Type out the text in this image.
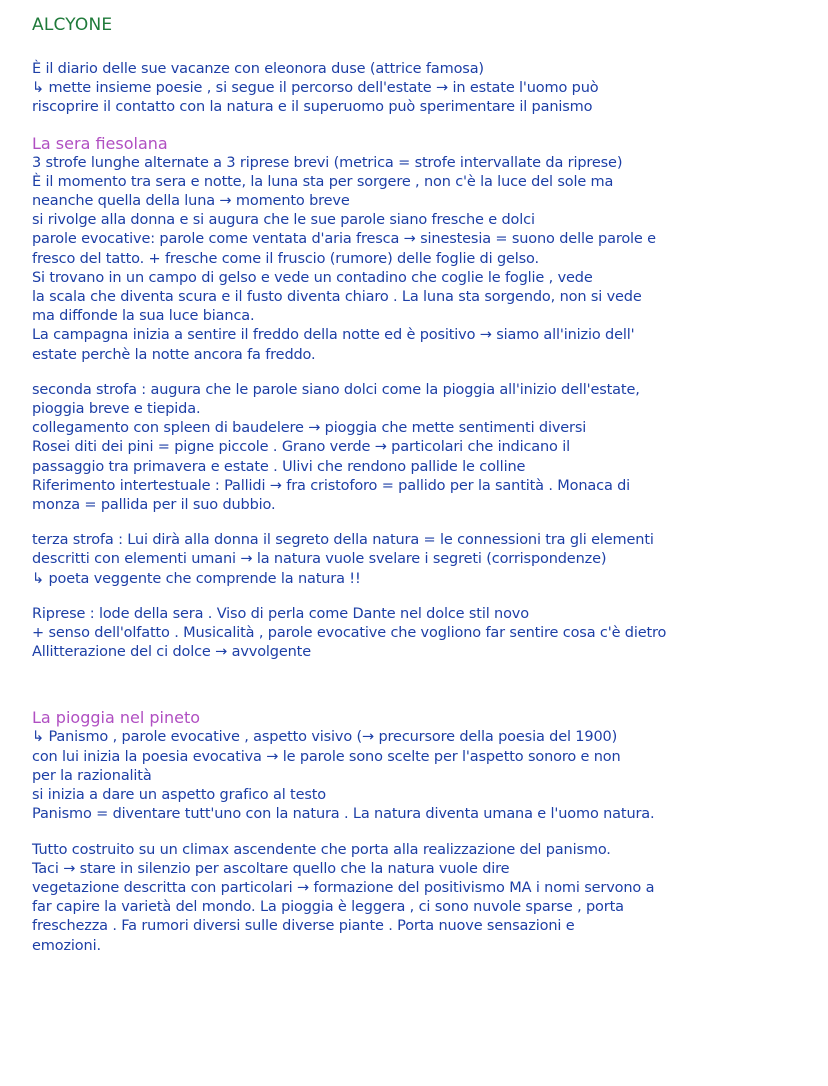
ALCYONE
È il diario delle sue vacanze con eleonora duse (attrice famosa)
↳ mette insieme poesie , si segue il percorso dell'estate → in estate l'uomo può
riscoprire il contatto con la natura e il superuomo può sperimentare il panismo
La sera fiesolana
3 strofe lunghe alternate a 3 riprese brevi (metrica = strofe intervallate da riprese)
È il momento tra sera e notte, la luna sta per sorgere , non c'è la luce del sole ma
neanche quella della luna → momento breve
si rivolge alla donna e si augura che le sue parole siano fresche e dolci
parole evocative: parole come ventata d'aria fresca → sinestesia = suono delle parole e
fresco del tatto. + fresche come il fruscio (rumore) delle foglie di gelso.
Si trovano in un campo di gelso e vede un contadino che coglie le foglie , vede
la scala che diventa scura e il fusto diventa chiaro . La luna sta sorgendo, non si vede
ma diffonde la sua luce bianca.
La campagna inizia a sentire il freddo della notte ed è positivo → siamo all'inizio dell'
estate perchè la notte ancora fa freddo.
seconda strofa : augura che le parole siano dolci come la pioggia all'inizio dell'estate,
pioggia breve e tiepida.
collegamento con spleen di baudelere → pioggia che mette sentimenti diversi
Rosei diti dei pini = pigne piccole . Grano verde → particolari che indicano il
passaggio tra primavera e estate . Ulivi che rendono pallide le colline
Riferimento intertestuale : Pallidi → fra cristoforo = pallido per la santità . Monaca di
monza = pallida per il suo dubbio.
terza strofa : Lui dirà alla donna il segreto della natura = le connessioni tra gli elementi
descritti con elementi umani → la natura vuole svelare i segreti (corrispondenze)
↳ poeta veggente che comprende la natura !!
Riprese : lode della sera . Viso di perla come Dante nel dolce stil novo
+ senso dell'olfatto . Musicalità , parole evocative che vogliono far sentire cosa c'è dietro
Allitterazione del ci dolce → avvolgente
La pioggia nel pineto
↳ Panismo , parole evocative , aspetto visivo (→ precursore della poesia del 1900)
con lui inizia la poesia evocativa → le parole sono scelte per l'aspetto sonoro e non
per la razionalità
si inizia a dare un aspetto grafico al testo
Panismo = diventare tutt'uno con la natura . La natura diventa umana e l'uomo natura.
Tutto costruito su un climax ascendente che porta alla realizzazione del panismo.
Taci → stare in silenzio per ascoltare quello che la natura vuole dire
vegetazione descritta con particolari → formazione del positivismo MA i nomi servono a
far capire la varietà del mondo. La pioggia è leggera , ci sono nuvole sparse , porta
freschezza . Fa rumori diversi sulle diverse piante . Porta nuove sensazioni e
emozioni.
